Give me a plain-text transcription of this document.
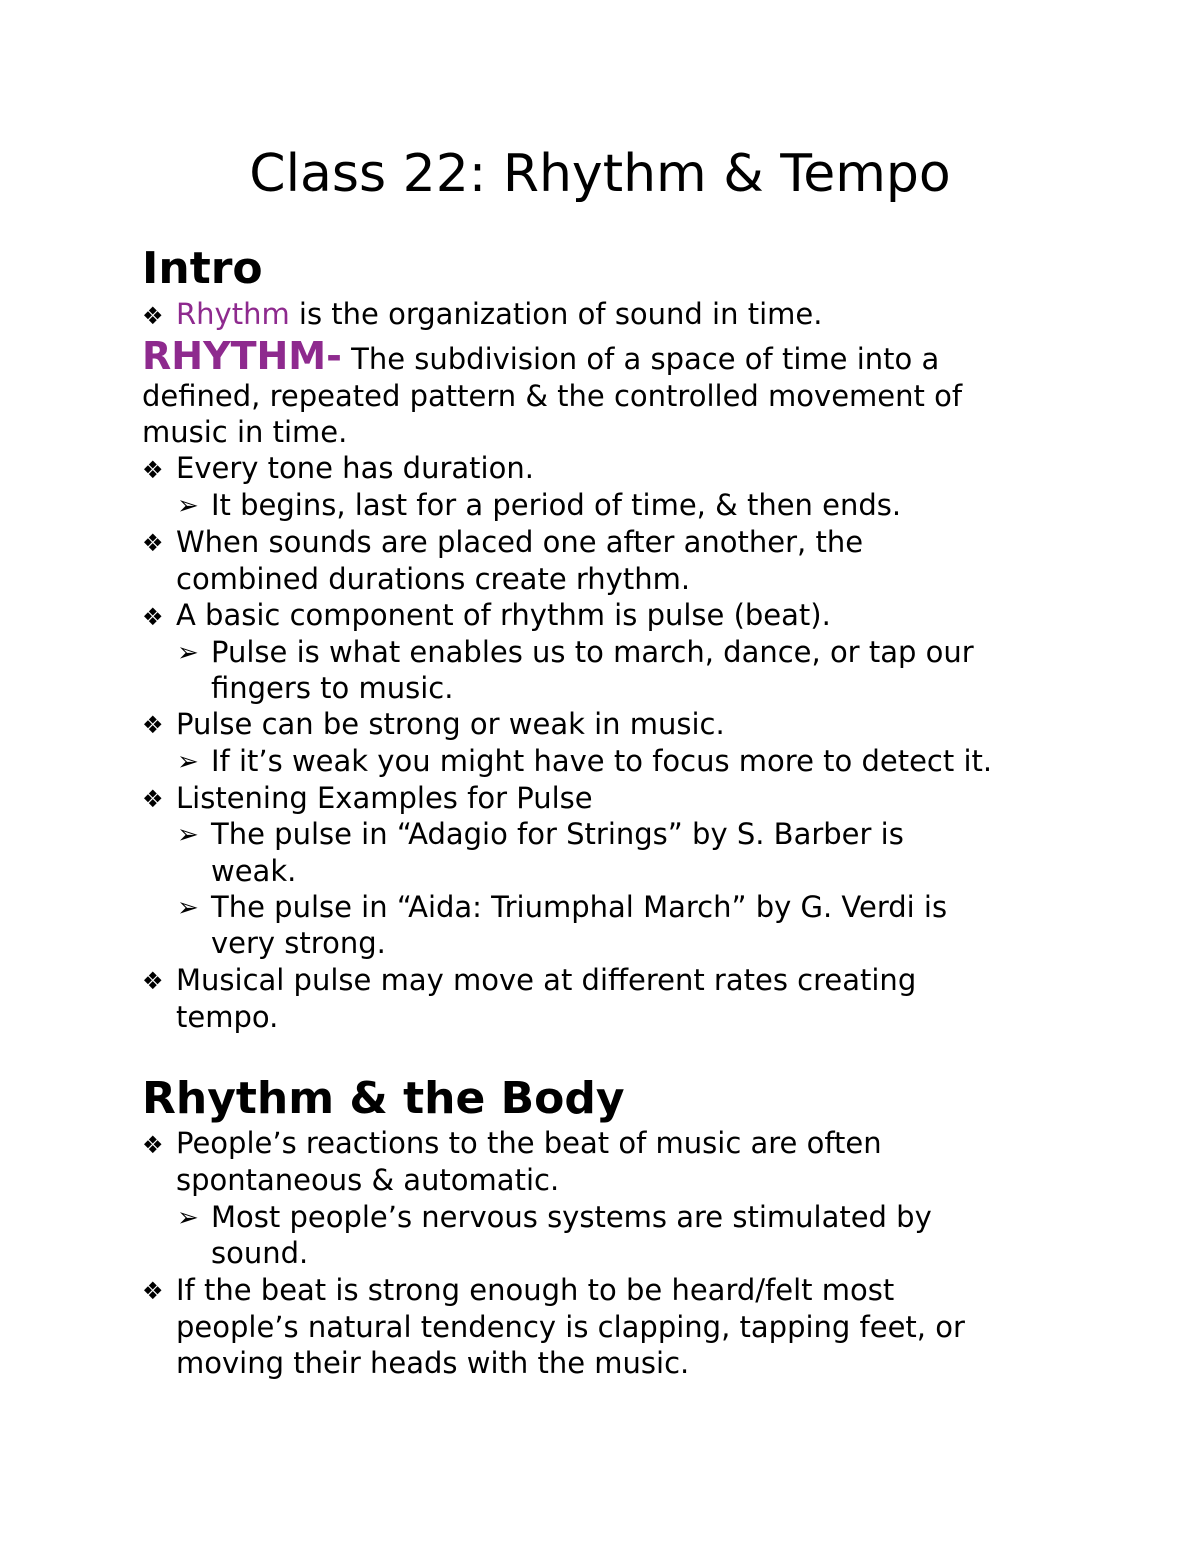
Class 22: Rhythm & Tempo
Intro
❖ Rhythm is the organization of sound in time.
RHYTHM- The subdivision of a space of time into a
defined, repeated pattern & the controlled movement of
music in time.
❖ Every tone has duration.
➢ It begins, last for a period of time, & then ends.
❖ When sounds are placed one after another, the
combined durations create rhythm.
❖ A basic component of rhythm is pulse (beat).
➢ Pulse is what enables us to march, dance, or tap our
fingers to music.
❖ Pulse can be strong or weak in music.
➢ If it’s weak you might have to focus more to detect it.
❖ Listening Examples for Pulse
➢ The pulse in “Adagio for Strings” by S. Barber is
weak.
➢ The pulse in “Aida: Triumphal March” by G. Verdi is
very strong.
❖ Musical pulse may move at different rates creating
tempo.
Rhythm & the Body
❖ People’s reactions to the beat of music are often
spontaneous & automatic.
➢ Most people’s nervous systems are stimulated by
sound.
❖ If the beat is strong enough to be heard/felt most
people’s natural tendency is clapping, tapping feet, or
moving their heads with the music.
